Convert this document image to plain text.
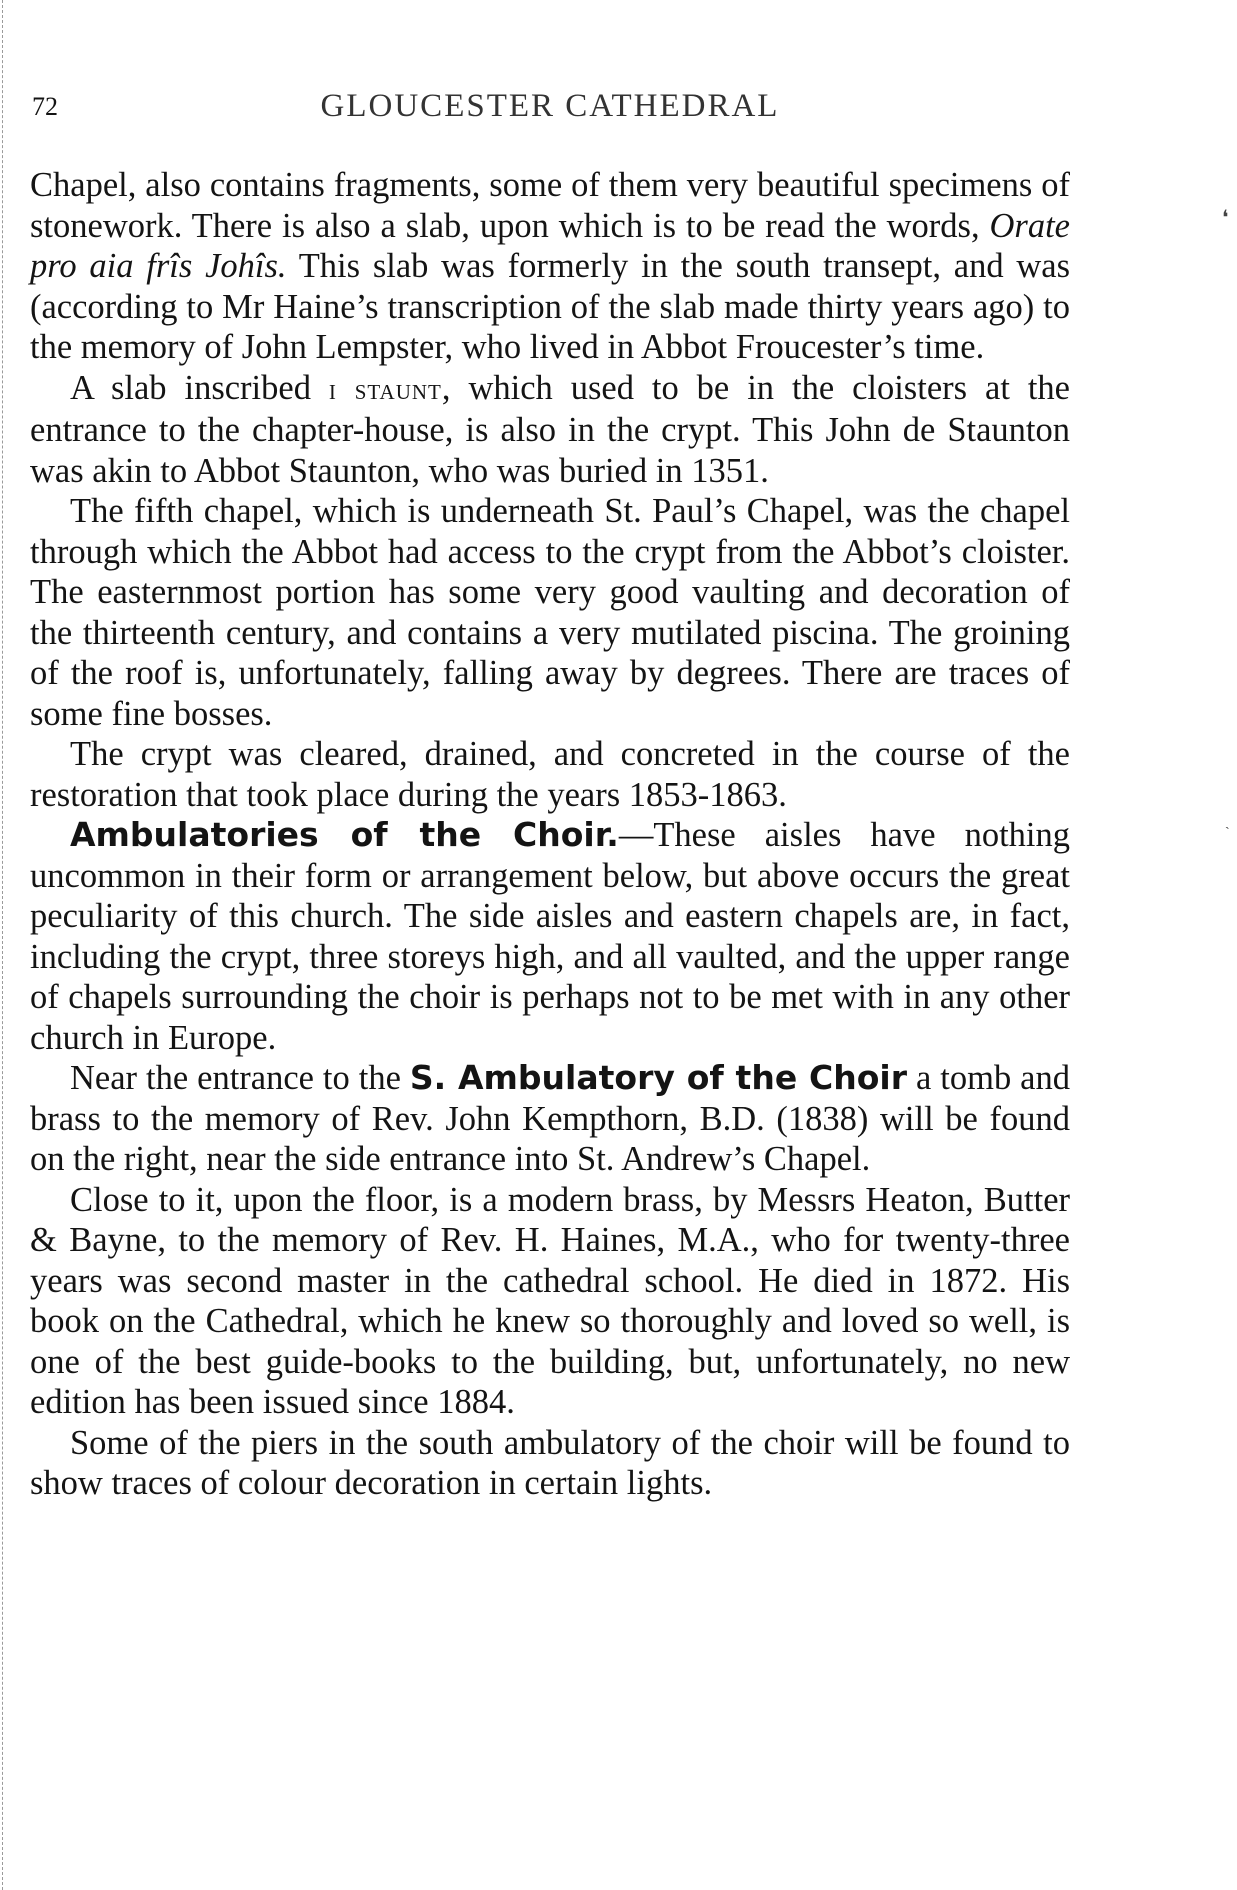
72	GLOUCESTER CATHEDRAL

Chapel, also contains fragments, some of them very beautiful specimens of stonework. There is also a slab, upon which is to be read the words, Orate pro aia frîs Johîs. This slab was formerly in the south transept, and was (according to Mr Haine’s transcription of the slab made thirty years ago) to the memory of John Lempster, who lived in Abbot Froucester’s time.

A slab inscribed i staunt, which used to be in the cloisters at the entrance to the chapter-house, is also in the crypt. This John de Staunton was akin to Abbot Staunton, who was buried in 1351.

The fifth chapel, which is underneath St. Paul’s Chapel, was the chapel through which the Abbot had access to the crypt from the Abbot’s cloister. The easternmost portion has some very good vaulting and decoration of the thirteenth century, and contains a very mutilated piscina. The groining of the roof is, unfortunately, falling away by degrees. There are traces of some fine bosses.

The crypt was cleared, drained, and concreted in the course of the restoration that took place during the years 1853-1863.

Ambulatories of the Choir.—These aisles have nothing uncommon in their form or arrangement below, but above occurs the great peculiarity of this church. The side aisles and eastern chapels are, in fact, including the crypt, three storeys high, and all vaulted, and the upper range of chapels surrounding the choir is perhaps not to be met with in any other church in Europe.

Near the entrance to the S. Ambulatory of the Choir a tomb and brass to the memory of Rev. John Kempthorn, B.D. (1838) will be found on the right, near the side entrance into St. Andrew’s Chapel.

Close to it, upon the floor, is a modern brass, by Messrs Heaton, Butter & Bayne, to the memory of Rev. H. Haines, M.A., who for twenty-three years was second master in the cathedral school. He died in 1872. His book on the Cathedral, which he knew so thoroughly and loved so well, is one of the best guide-books to the building, but, unfortunately, no new edition has been issued since 1884.

Some of the piers in the south ambulatory of the choir will be found to show traces of colour decoration in certain lights.

❛
ˎ
